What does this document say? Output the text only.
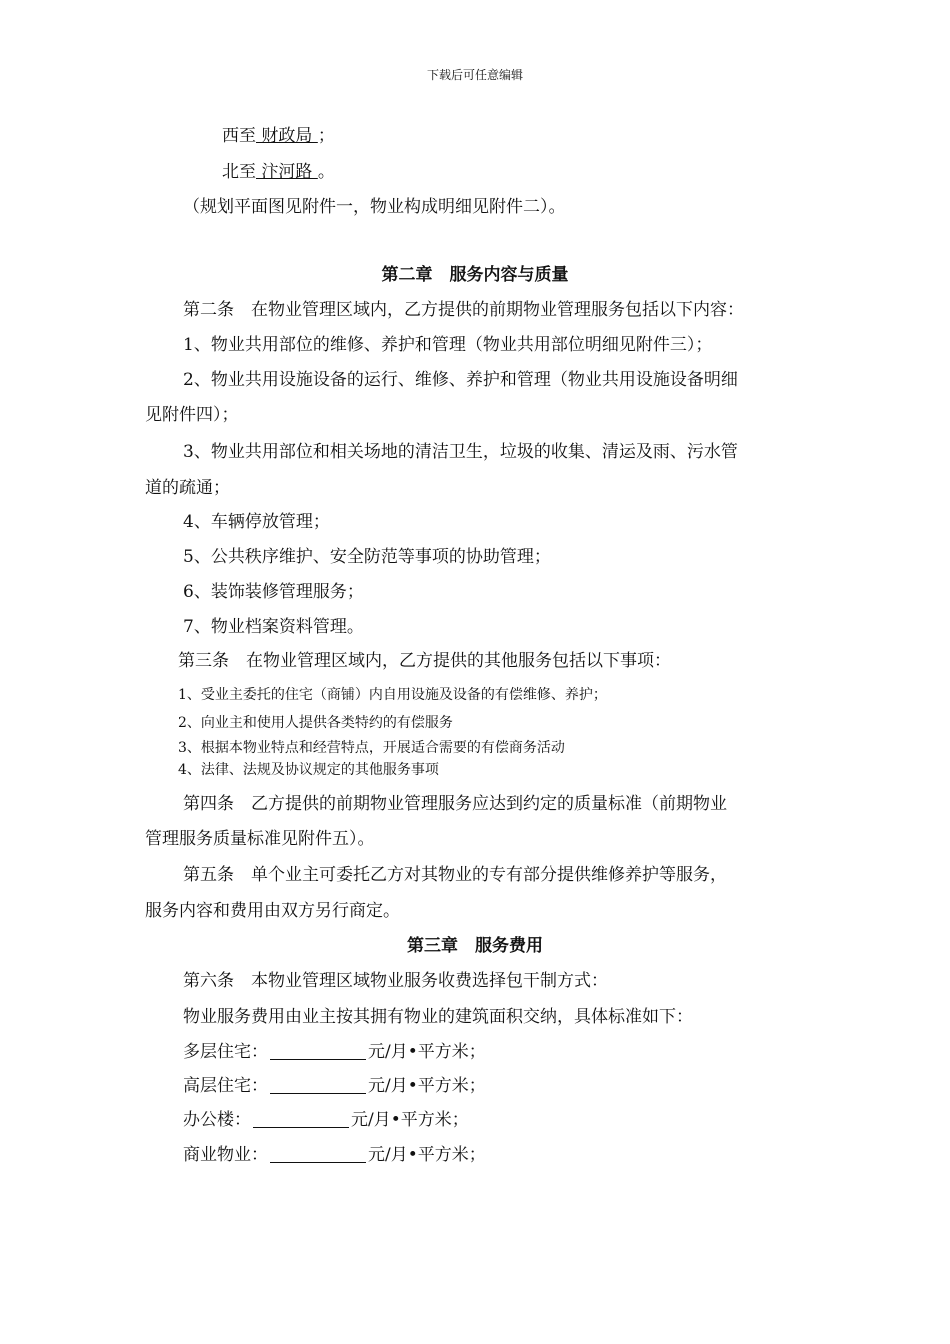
下载后可任意编辑
西至 财政局 ；
北至 汴河路 。
（规划平面图见附件一，物业构成明细见附件二）。
第二章　服务内容与质量
第二条　在物业管理区域内，乙方提供的前期物业管理服务包括以下内容：
1、物业共用部位的维修、养护和管理（物业共用部位明细见附件三）；
2、物业共用设施设备的运行、维修、养护和管理（物业共用设施设备明细
见附件四）；
3、物业共用部位和相关场地的清洁卫生，垃圾的收集、清运及雨、污水管
道的疏通；
4、车辆停放管理；
5、公共秩序维护、安全防范等事项的协助管理；
6、装饰装修管理服务；
7、物业档案资料管理。
第三条　在物业管理区域内，乙方提供的其他服务包括以下事项：
1、受业主委托的住宅（商铺）内自用设施及设备的有偿维修、养护；
2、向业主和使用人提供各类特约的有偿服务
3、根据本物业特点和经营特点，开展适合需要的有偿商务活动
4、法律、法规及协议规定的其他服务事项
第四条　乙方提供的前期物业管理服务应达到约定的质量标准（前期物业
管理服务质量标准见附件五）。
第五条　单个业主可委托乙方对其物业的专有部分提供维修养护等服务，
服务内容和费用由双方另行商定。
第三章　服务费用
第六条　本物业管理区域物业服务收费选择包干制方式：
物业服务费用由业主按其拥有物业的建筑面积交纳，具体标准如下：
多层住宅：	元/月•平方米；
高层住宅：	元/月•平方米；
办公楼：	元/月•平方米；
商业物业：	元/月•平方米；
